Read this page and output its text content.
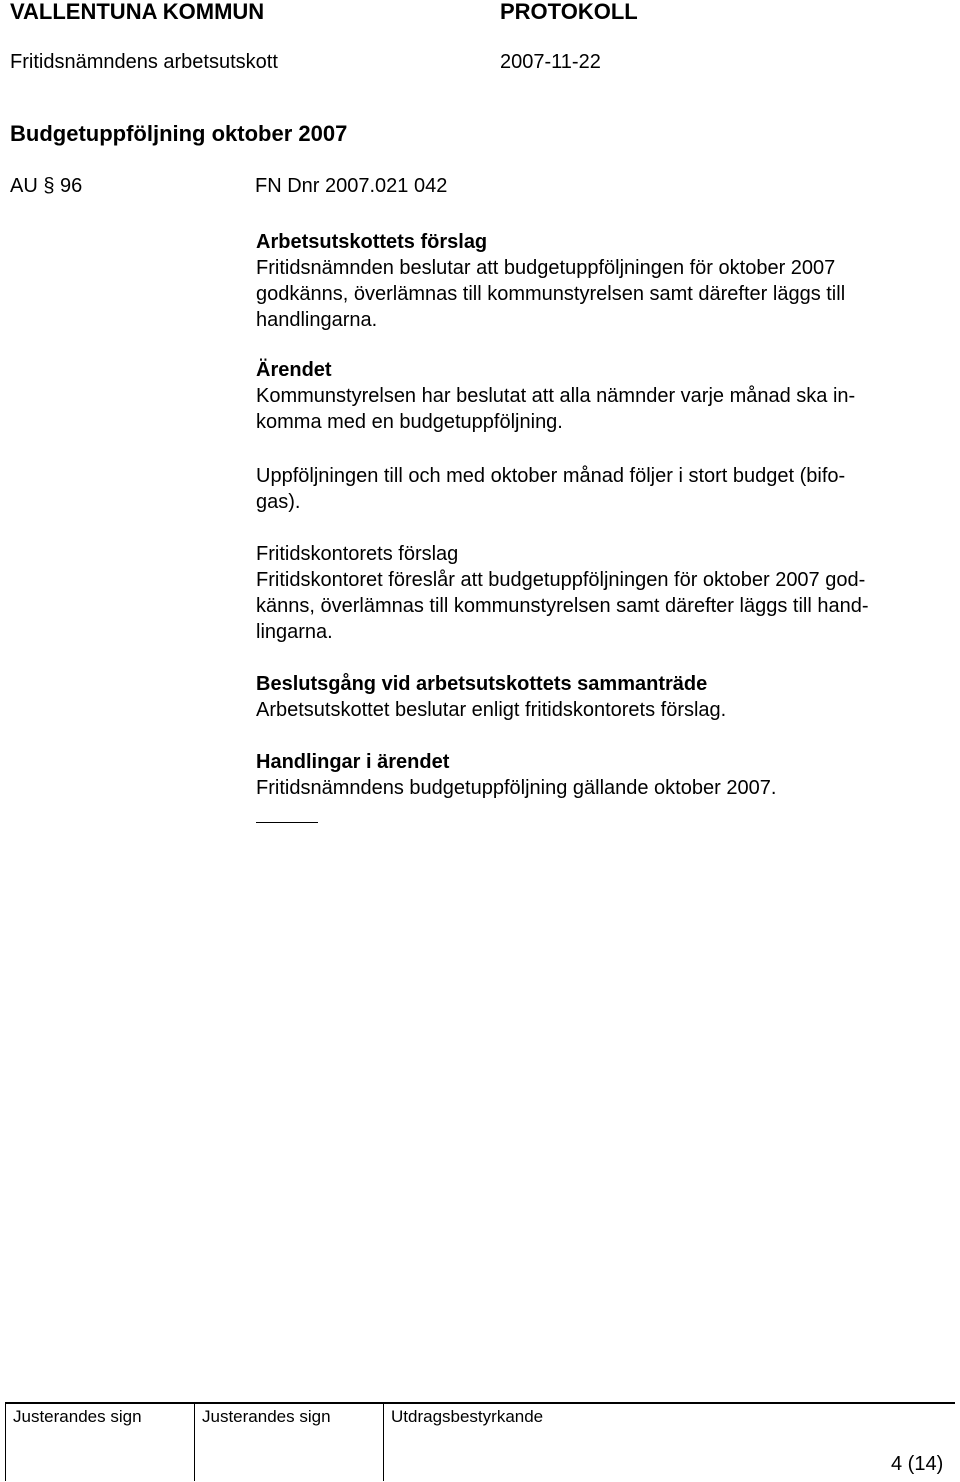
VALLENTUNA KOMMUN	PROTOKOLL
Fritidsnämndens arbetsutskott	2007-11-22
Budgetuppföljning oktober 2007
AU § 96	FN Dnr 2007.021 042

Arbetsutskottets förslag

Fritidsnämnden beslutar att budgetuppföljningen för oktober 2007

godkänns, överlämnas till kommunstyrelsen samt därefter läggs till

handlingarna.

Ärendet

Kommunstyrelsen har beslutat att alla nämnder varje månad ska in-

komma med en budgetuppföljning.

Uppföljningen till och med oktober månad följer i stort budget (bifo-

gas).

Fritidskontorets förslag

Fritidskontoret föreslår att budgetuppföljningen för oktober 2007 god-

känns, överlämnas till kommunstyrelsen samt därefter läggs till hand-

lingarna.

Beslutsgång vid arbetsutskottets sammanträde

Arbetsutskottet beslutar enligt fritidskontorets förslag.

Handlingar i ärendet

Fritidsnämndens budgetuppföljning gällande oktober 2007.

Justerandes sign	Justerandes sign	Utdragsbestyrkande
4 (14)
